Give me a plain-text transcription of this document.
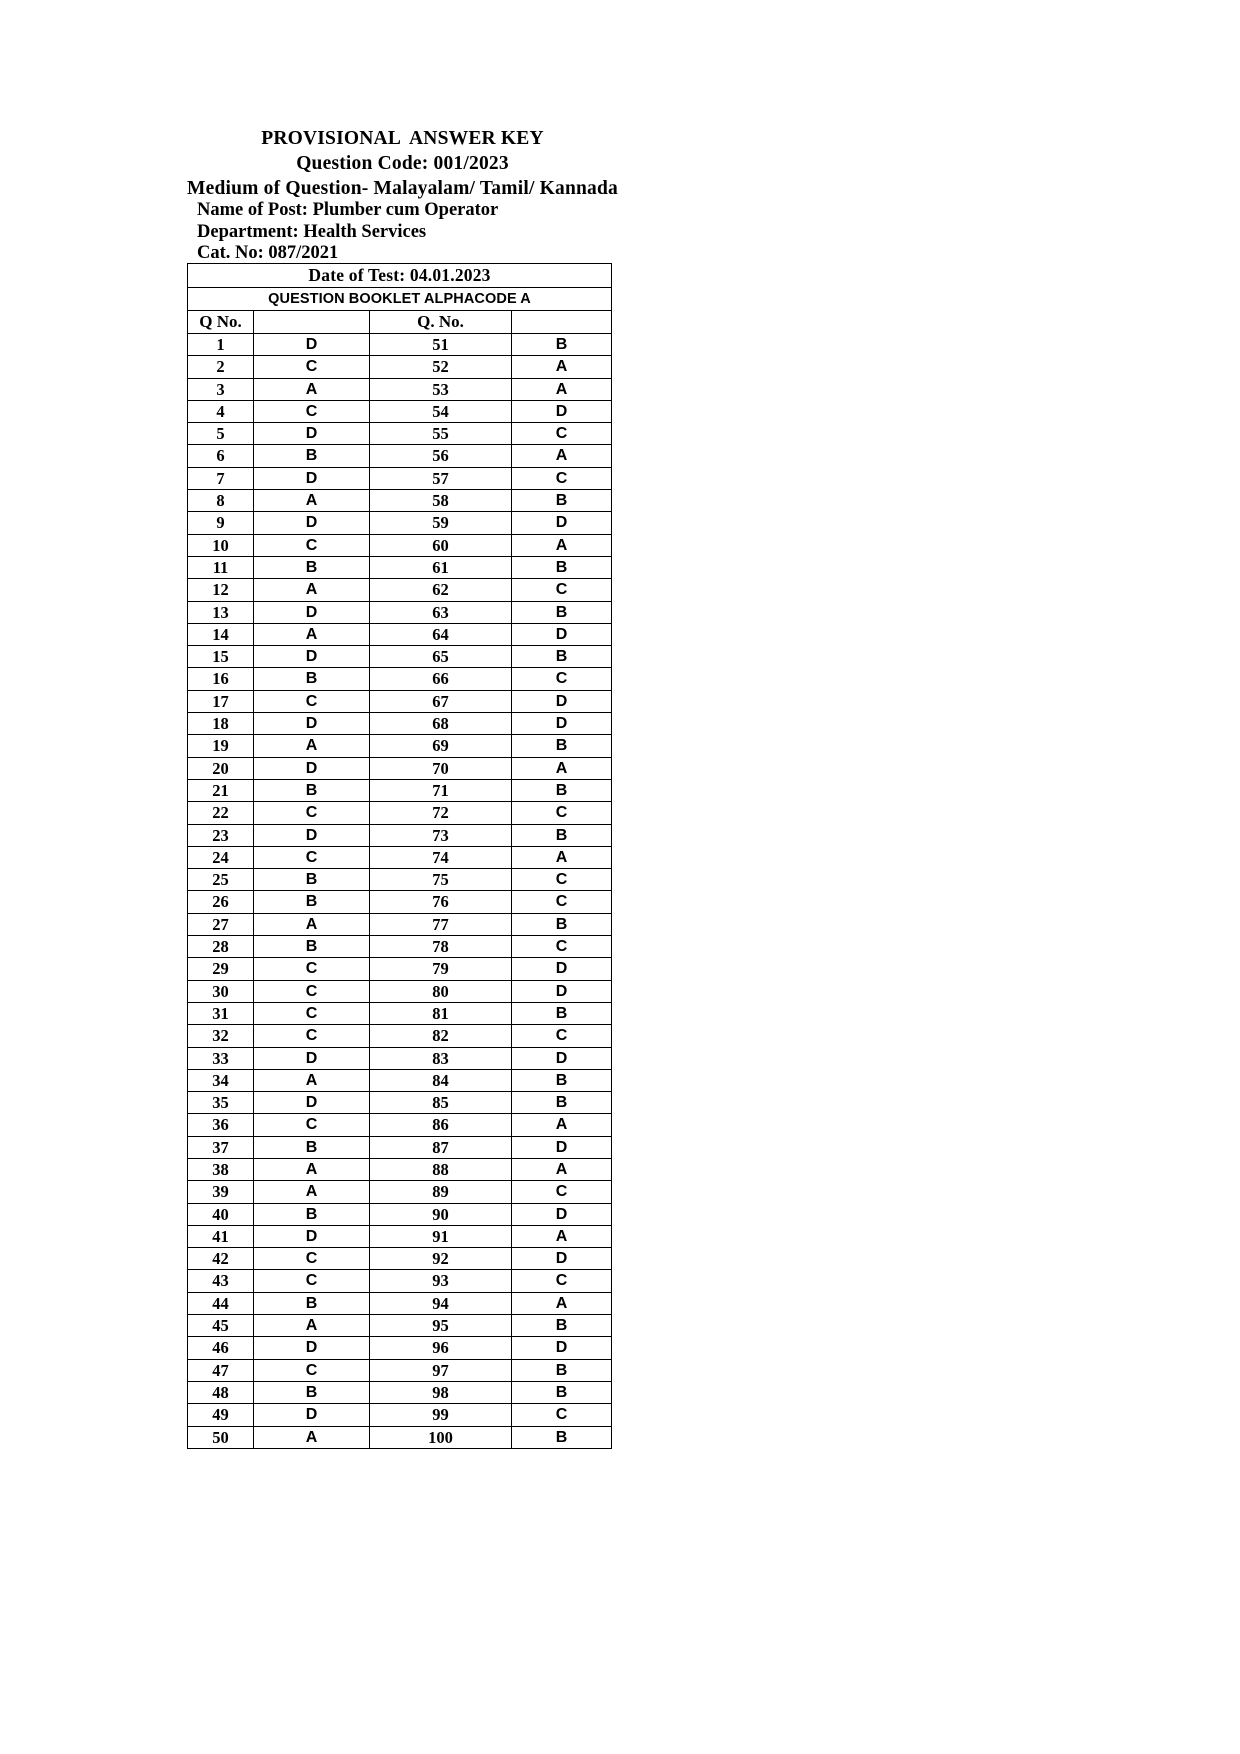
PROVISIONAL  ANSWER KEY
Question Code: 001/2023
Medium of Question- Malayalam/ Tamil/ Kannada
Name of Post: Plumber cum Operator
Department: Health Services
Cat. No: 087/2021
Date of Test: 04.01.2023			
QUESTION BOOKLET ALPHACODE A			
Q No.		Q. No.	
1	D	51	B
2	C	52	A
3	A	53	A
4	C	54	D
5	D	55	C
6	B	56	A
7	D	57	C
8	A	58	B
9	D	59	D
10	C	60	A
11	B	61	B
12	A	62	C
13	D	63	B
14	A	64	D
15	D	65	B
16	B	66	C
17	C	67	D
18	D	68	D
19	A	69	B
20	D	70	A
21	B	71	B
22	C	72	C
23	D	73	B
24	C	74	A
25	B	75	C
26	B	76	C
27	A	77	B
28	B	78	C
29	C	79	D
30	C	80	D
31	C	81	B
32	C	82	C
33	D	83	D
34	A	84	B
35	D	85	B
36	C	86	A
37	B	87	D
38	A	88	A
39	A	89	C
40	B	90	D
41	D	91	A
42	C	92	D
43	C	93	C
44	B	94	A
45	A	95	B
46	D	96	D
47	C	97	B
48	B	98	B
49	D	99	C
50	A	100	B
